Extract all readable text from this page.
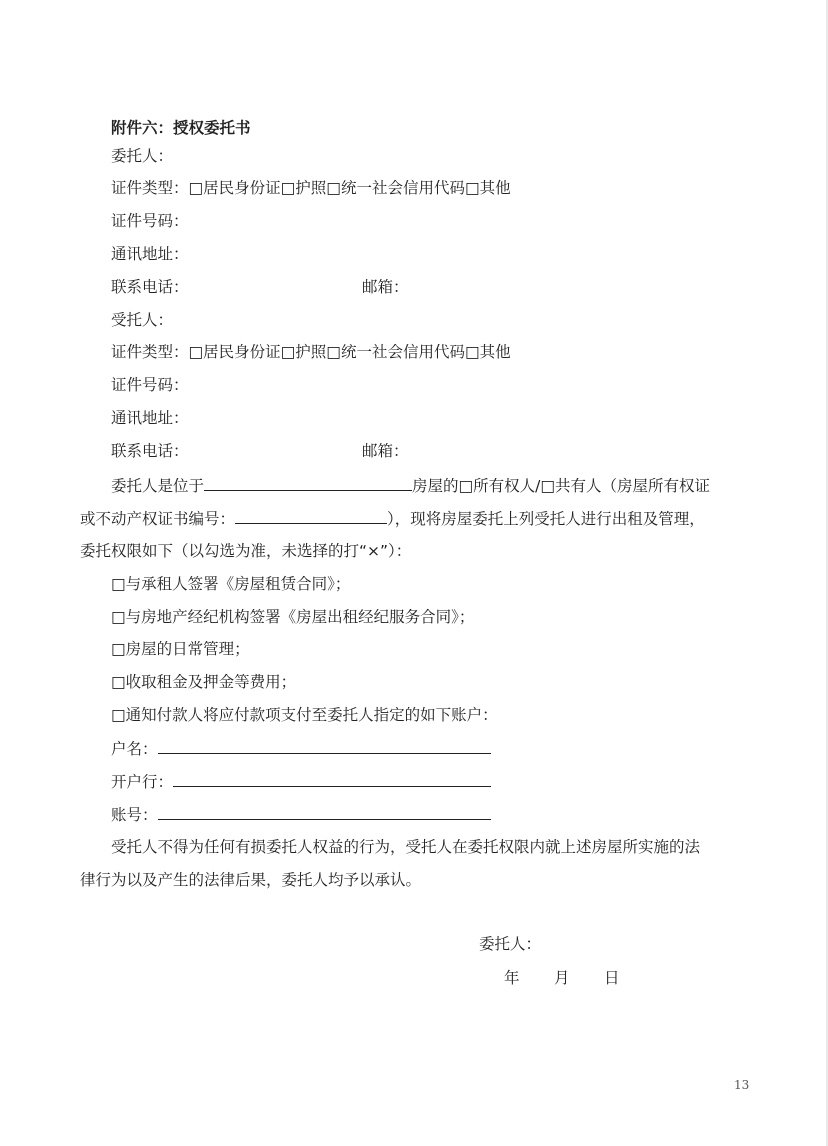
附件六：授权委托书
委托人：
证件类型：□居民身份证□护照□统一社会信用代码□其他
证件号码：
通讯地址：
联系电话：	邮箱：
受托人：
证件类型：□居民身份证□护照□统一社会信用代码□其他
证件号码：
通讯地址：
联系电话：	邮箱：
委托人是位于	房屋的□所有权人/□共有人（房屋所有权证
或不动产权证书编号：	），现将房屋委托上列受托人进行出租及管理，
委托权限如下（以勾选为准，未选择的打“×”）：
□与承租人签署《房屋租赁合同》；
□与房地产经纪机构签署《房屋出租经纪服务合同》；
□房屋的日常管理；
□收取租金及押金等费用；
□通知付款人将应付款项支付至委托人指定的如下账户：
户名：
开户行：
账号：
受托人不得为任何有损委托人权益的行为，受托人在委托权限内就上述房屋所实施的法
律行为以及产生的法律后果，委托人均予以承认。
委托人：
年 月 日
13
